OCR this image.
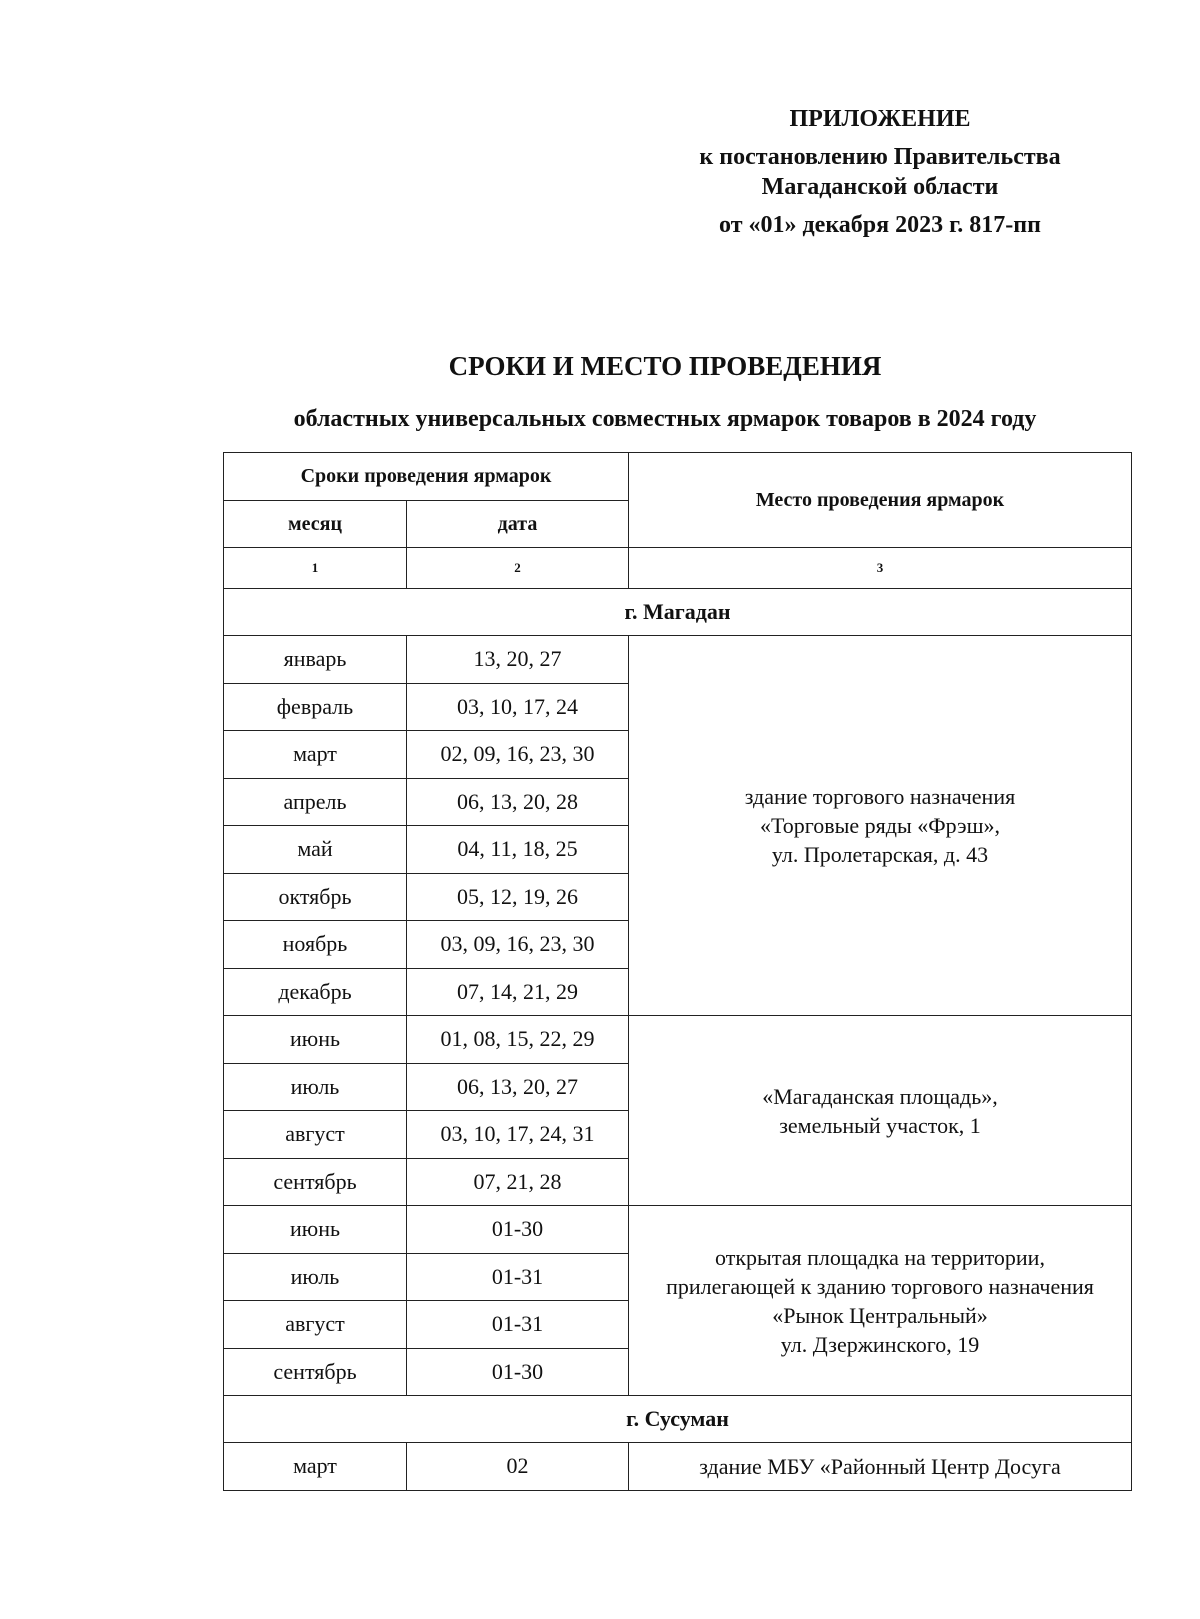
ПРИЛОЖЕНИЕ
к постановлению Правительства
Магаданской области
от «01» декабря 2023 г. 817-пп
СРОКИ И МЕСТО ПРОВЕДЕНИЯ
областных универсальных совместных ярмарок товаров в 2024 году
Сроки проведения ярмарок		Место проведения ярмарок
месяц	дата	
1	2	3
г. Магадан		
январь	13, 20, 27	здание торгового назначения
«Торговые ряды «Фрэш»,
ул. Пролетарская, д. 43

февраль	03, 10, 17, 24	
март	02, 09, 16, 23, 30	
апрель	06, 13, 20, 28	
май	04, 11, 18, 25	
октябрь	05, 12, 19, 26	
ноябрь	03, 09, 16, 23, 30	
декабрь	07, 14, 21, 29	
июнь	01, 08, 15, 22, 29	«Магаданская площадь»,
земельный участок, 1

июль	06, 13, 20, 27	
август	03, 10, 17, 24, 31	
сентябрь	07, 21, 28	
июнь	01-30	открытая площадка на территории,
прилегающей к зданию торгового назначения
«Рынок Центральный»
ул. Дзержинского, 19

июль	01-31	
август	01-31	
сентябрь	01-30	
г. Сусуман		
март	02	здание МБУ «Районный Центр Досуга
